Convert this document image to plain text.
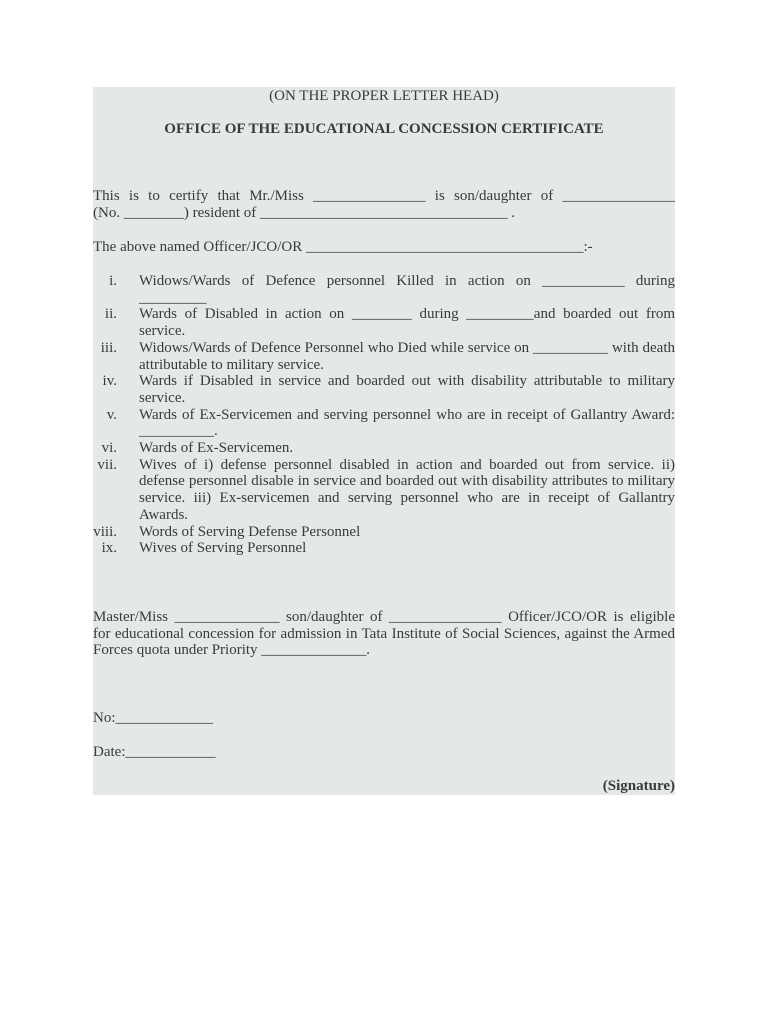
(ON THE PROPER LETTER HEAD)
OFFICE OF THE EDUCATIONAL CONCESSION CERTIFICATE
This is to certify that Mr./Miss _______________ is son/daughter of _______________
(No. ________) resident of _________________________________ .
The above named Officer/JCO/OR _____________________________________:-
i. Widows/Wards of Defence personnel Killed in action on ___________ during _________
ii. Wards of Disabled in action on ________ during _________and boarded out from service.
iii. Widows/Wards of Defence Personnel who Died while service on __________ with death attributable to military service.
iv. Wards if Disabled in service and boarded out with disability attributable to military service.
v. Wards of Ex-Servicemen and serving personnel who are in receipt of Gallantry Award: __________.
vi. Wards of Ex-Servicemen.
vii. Wives of i) defense personnel disabled in action and boarded out from service. ii) defense personnel disable in service and boarded out with disability attributes to military service. iii) Ex-servicemen and serving personnel who are in receipt of Gallantry Awards.
viii. Words of Serving Defense Personnel
ix. Wives of Serving Personnel
Master/Miss ______________ son/daughter of _______________ Officer/JCO/OR is eligible for educational concession for admission in Tata Institute of Social Sciences, against the Armed Forces quota under Priority ______________.
No:_____________
Date:____________
(Signature)
